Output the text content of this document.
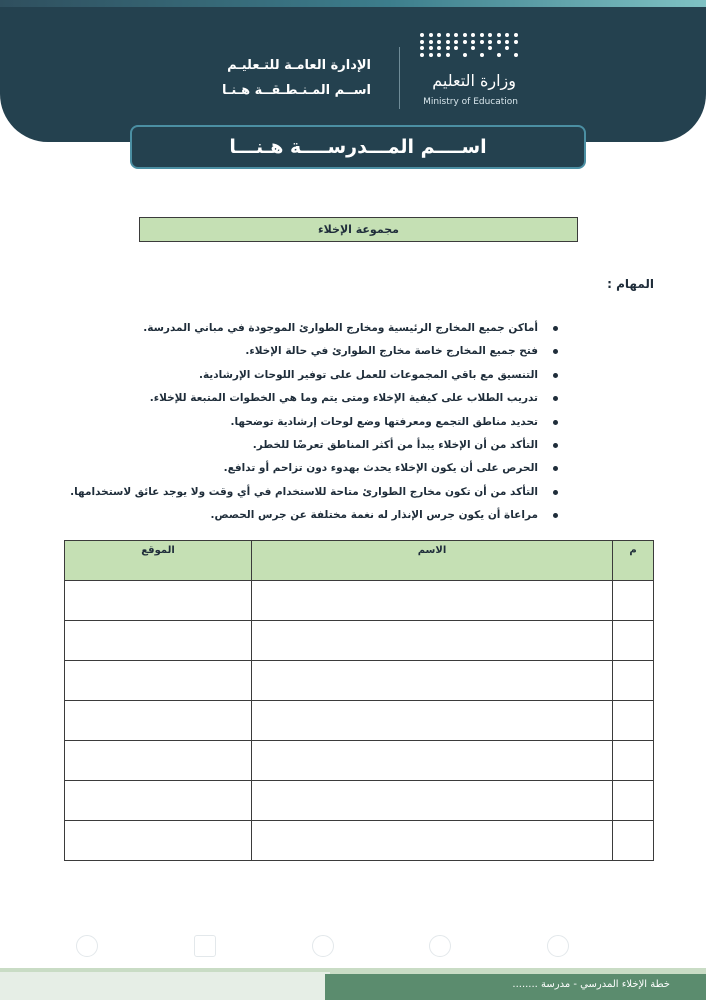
وزارة التعليم
Ministry of Education
الإدارة العامـة للتـعليـم
اســم المـنـطـقــة هـنـا
اســــم المـــدرســــة هـنـــا
مجموعة الإخلاء
المهام :
أماكن جميع المخارج الرئيسية ومخارج الطوارئ الموجودة في مباني المدرسة.
فتح جميع المخارج خاصة مخارج الطوارئ في حالة الإخلاء.
التنسيق مع باقي المجموعات للعمل على توفير اللوحات الإرشادية.
تدريب الطلاب على كيفية الإخلاء ومتى يتم وما هي الخطوات المتبعة للإخلاء.
تحديد مناطق التجمع ومعرفتها وضع لوحات إرشادية توضحها.
التأكد من أن الإخلاء يبدأ من أكثر المناطق تعرضًا للخطر.
الحرص على أن يكون الإخلاء يحدث بهدوء دون تزاحم أو تدافع.
التأكد من أن تكون مخارج الطوارئ متاحة للاستخدام في أي وقت ولا يوجد عائق لاستخدامها.
مراعاة أن يكون جرس الإنذار له نغمة مختلفة عن جرس الحصص.
م	الاسم	الموقع

خطة الإخلاء المدرسي - مدرسة ........
